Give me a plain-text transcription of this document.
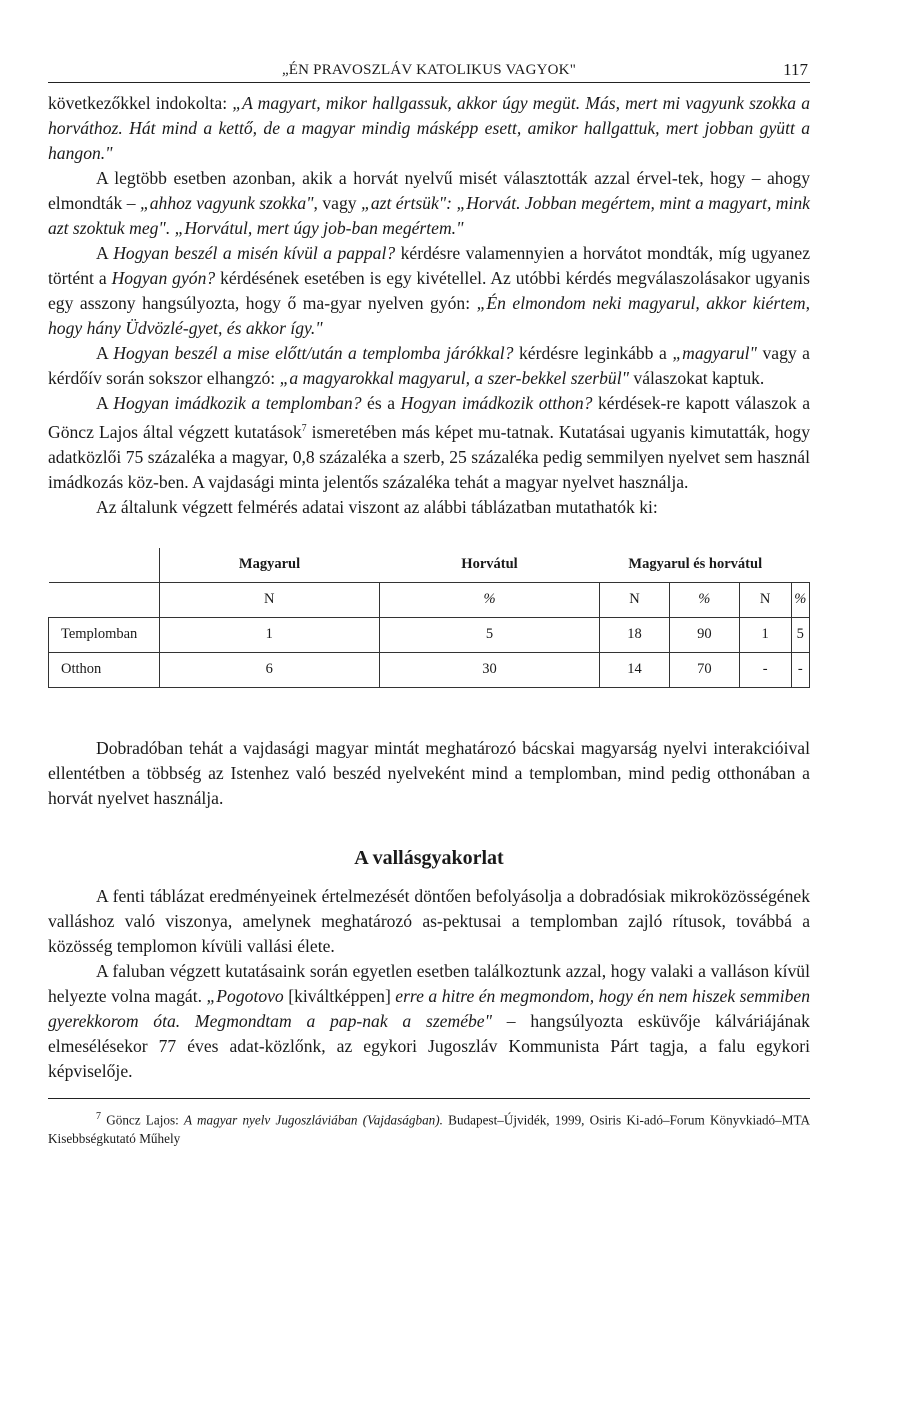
„ÉN PRAVOSZLÁV KATOLIKUS VAGYOK"	117

következőkkel indokolta: „A magyart, mikor hallgassuk, akkor úgy megüt. Más, mert mi vagyunk szokka a horváthoz. Hát mind a kettő, de a magyar mindig másképp esett, amikor hallgattuk, mert jobban gyütt a hangon."

A legtöbb esetben azonban, akik a horvát nyelvű misét választották azzal érvel-tek, hogy – ahogy elmondták – „ahhoz vagyunk szokka", vagy „azt értsük": „Horvát. Jobban megértem, mint a magyart, mink azt szoktuk meg". „Horvátul, mert úgy job-ban megértem."

A Hogyan beszél a misén kívül a pappal? kérdésre valamennyien a horvátot mondták, míg ugyanez történt a Hogyan gyón? kérdésének esetében is egy kivétellel. Az utóbbi kérdés megválaszolásakor ugyanis egy asszony hangsúlyozta, hogy ő ma-gyar nyelven gyón: „Én elmondom neki magyarul, akkor kiértem, hogy hány Üdvözlé-gyet, és akkor így."

A Hogyan beszél a mise előtt/után a templomba járókkal? kérdésre leginkább a „magyarul" vagy a kérdőív során sokszor elhangzó: „a magyarokkal magyarul, a szer-bekkel szerbül" válaszokat kaptuk.

A Hogyan imádkozik a templomban? és a Hogyan imádkozik otthon? kérdések-re kapott válaszok a Göncz Lajos által végzett kutatások$^7$ ismeretében más képet mu-tatnak. Kutatásai ugyanis kimutatták, hogy adatközlői 75 százaléka a magyar, 0,8 százaléka a szerb, 25 százaléka pedig semmilyen nyelvet sem használ imádkozás köz-ben. A vajdasági minta jelentős százaléka tehát a magyar nyelvet használja.

Az általunk végzett felmérés adatai viszont az alábbi táblázatban mutathatók ki:

	Magyarul	Horvátul	Magyarul és horvátul			
	N	%	N	%	N	%
Templomban	1	5	18	90	1	5
Otthon	6	30	14	70	-	-

Dobradóban tehát a vajdasági magyar mintát meghatározó bácskai magyarság nyelvi interakcióival ellentétben a többség az Istenhez való beszéd nyelveként mind a templomban, mind pedig otthonában a horvát nyelvet használja.

A vallásgyakorlat

A fenti táblázat eredményeinek értelmezését döntően befolyásolja a dobradósiak mikroközösségének valláshoz való viszonya, amelynek meghatározó as-pektusai a templomban zajló rítusok, továbbá a közösség templomon kívüli vallási élete.

A faluban végzett kutatásaink során egyetlen esetben találkoztunk azzal, hogy valaki a valláson kívül helyezte volna magát. „Pogotovo [kiváltképpen] erre a hitre én megmondom, hogy én nem hiszek semmiben gyerekkorom óta. Megmondtam a pap-nak a szemébe" – hangsúlyozta esküvője kálváriájának elmesélésekor 77 éves adat-közlőnk, az egykori Jugoszláv Kommunista Párt tagja, a falu egykori képviselője.

$^7$ Göncz Lajos: A magyar nyelv Jugoszláviában (Vajdaságban). Budapest–Újvidék, 1999, Osiris Ki-adó–Forum Könyvkiadó–MTA Kisebbségkutató Műhely
